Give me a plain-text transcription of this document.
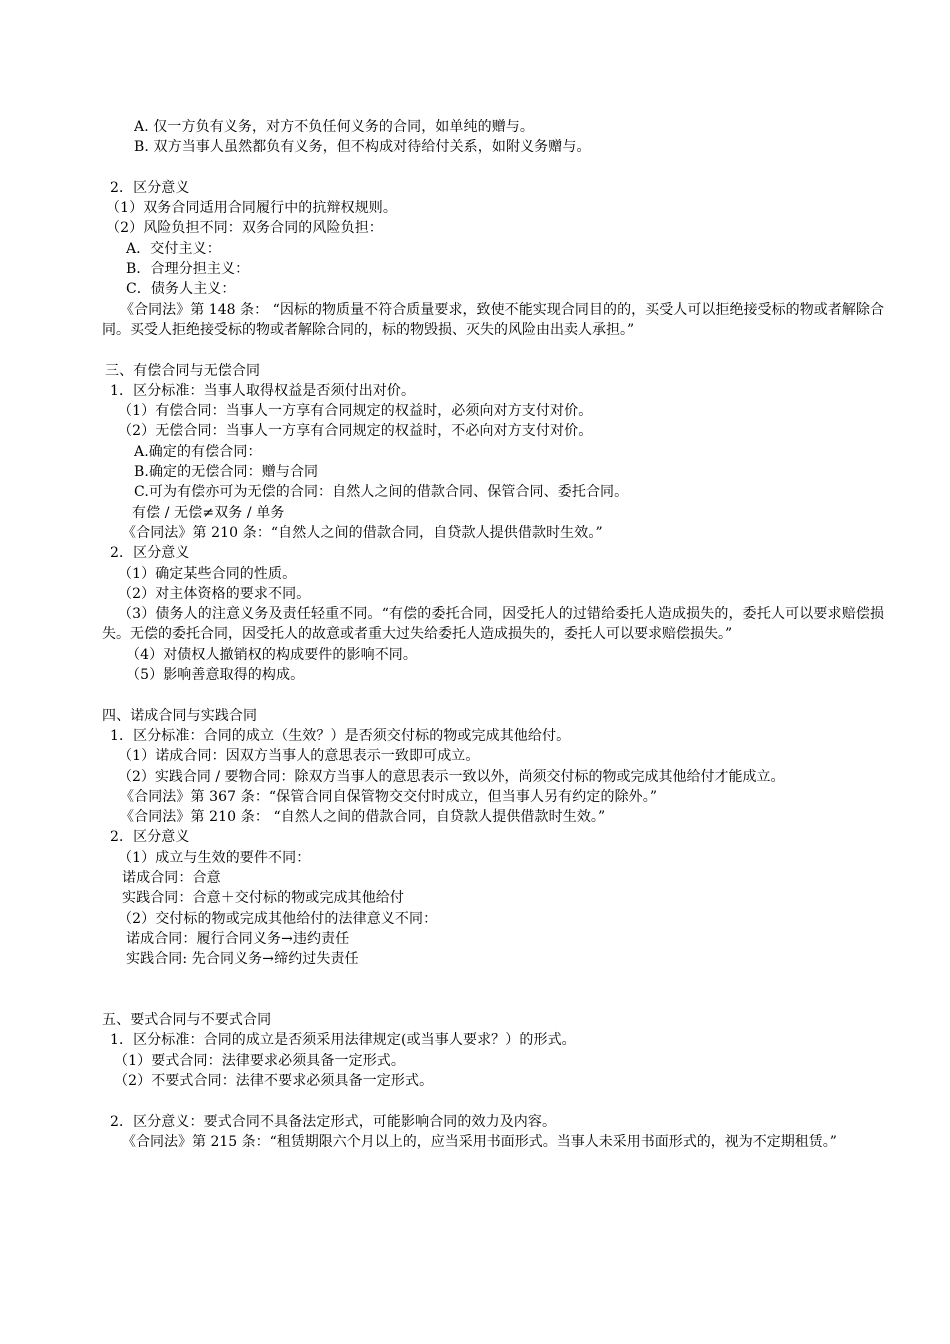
A. 仅一方负有义务，对方不负任何义务的合同，如单纯的赠与。
B. 双方当事人虽然都负有义务，但不构成对待给付关系，如附义务赠与。
2．区分意义
（1）双务合同适用合同履行中的抗辩权规则。
（2）风险负担不同：双务合同的风险负担：
A．交付主义：
B．合理分担主义：
C．债务人主义：
《合同法》第 148 条： “因标的物质量不符合质量要求，致使不能实现合同目的的，买受人可以拒绝接受标的物或者解除合同。买受人拒绝接受标的物或者解除合同的，标的物毁损、灭失的风险由出卖人承担。”
三、有偿合同与无偿合同
1．区分标准：当事人取得权益是否须付出对价。
（1）有偿合同：当事人一方享有合同规定的权益时，必须向对方支付对价。
（2）无偿合同：当事人一方享有合同规定的权益时，不必向对方支付对价。
A.确定的有偿合同：
B.确定的无偿合同：赠与合同
C.可为有偿亦可为无偿的合同：自然人之间的借款合同、保管合同、委托合同。
有偿 / 无偿≠双务 / 单务
《合同法》第 210 条：“自然人之间的借款合同，自贷款人提供借款时生效。”
2．区分意义
（1）确定某些合同的性质。
（2）对主体资格的要求不同。
（3）债务人的注意义务及责任轻重不同。“有偿的委托合同，因受托人的过错给委托人造成损失的，委托人可以要求赔偿损失。无偿的委托合同，因受托人的故意或者重大过失给委托人造成损失的，委托人可以要求赔偿损失。”
（4）对债权人撤销权的构成要件的影响不同。
（5）影响善意取得的构成。
四、诺成合同与实践合同
1．区分标准：合同的成立（生效？）是否须交付标的物或完成其他给付。
（1）诺成合同：因双方当事人的意思表示一致即可成立。
（2）实践合同 / 要物合同：除双方当事人的意思表示一致以外，尚须交付标的物或完成其他给付才能成立。
《合同法》第 367 条：“保管合同自保管物交交付时成立，但当事人另有约定的除外。”
《合同法》第 210 条： “自然人之间的借款合同，自贷款人提供借款时生效。”
2．区分意义
（1）成立与生效的要件不同：
诺成合同：合意
实践合同：合意＋交付标的物或完成其他给付
（2）交付标的物或完成其他给付的法律意义不同：
诺成合同：履行合同义务→违约责任
实践合同: 先合同义务→缔约过失责任
五、要式合同与不要式合同
1．区分标准：合同的成立是否须采用法律规定(或当事人要求？）的形式。
（1）要式合同：法律要求必须具备一定形式。
（2）不要式合同：法律不要求必须具备一定形式。
2．区分意义：要式合同不具备法定形式，可能影响合同的效力及内容。
《合同法》第 215 条：“租赁期限六个月以上的，应当采用书面形式。当事人未采用书面形式的，视为不定期租赁。”
